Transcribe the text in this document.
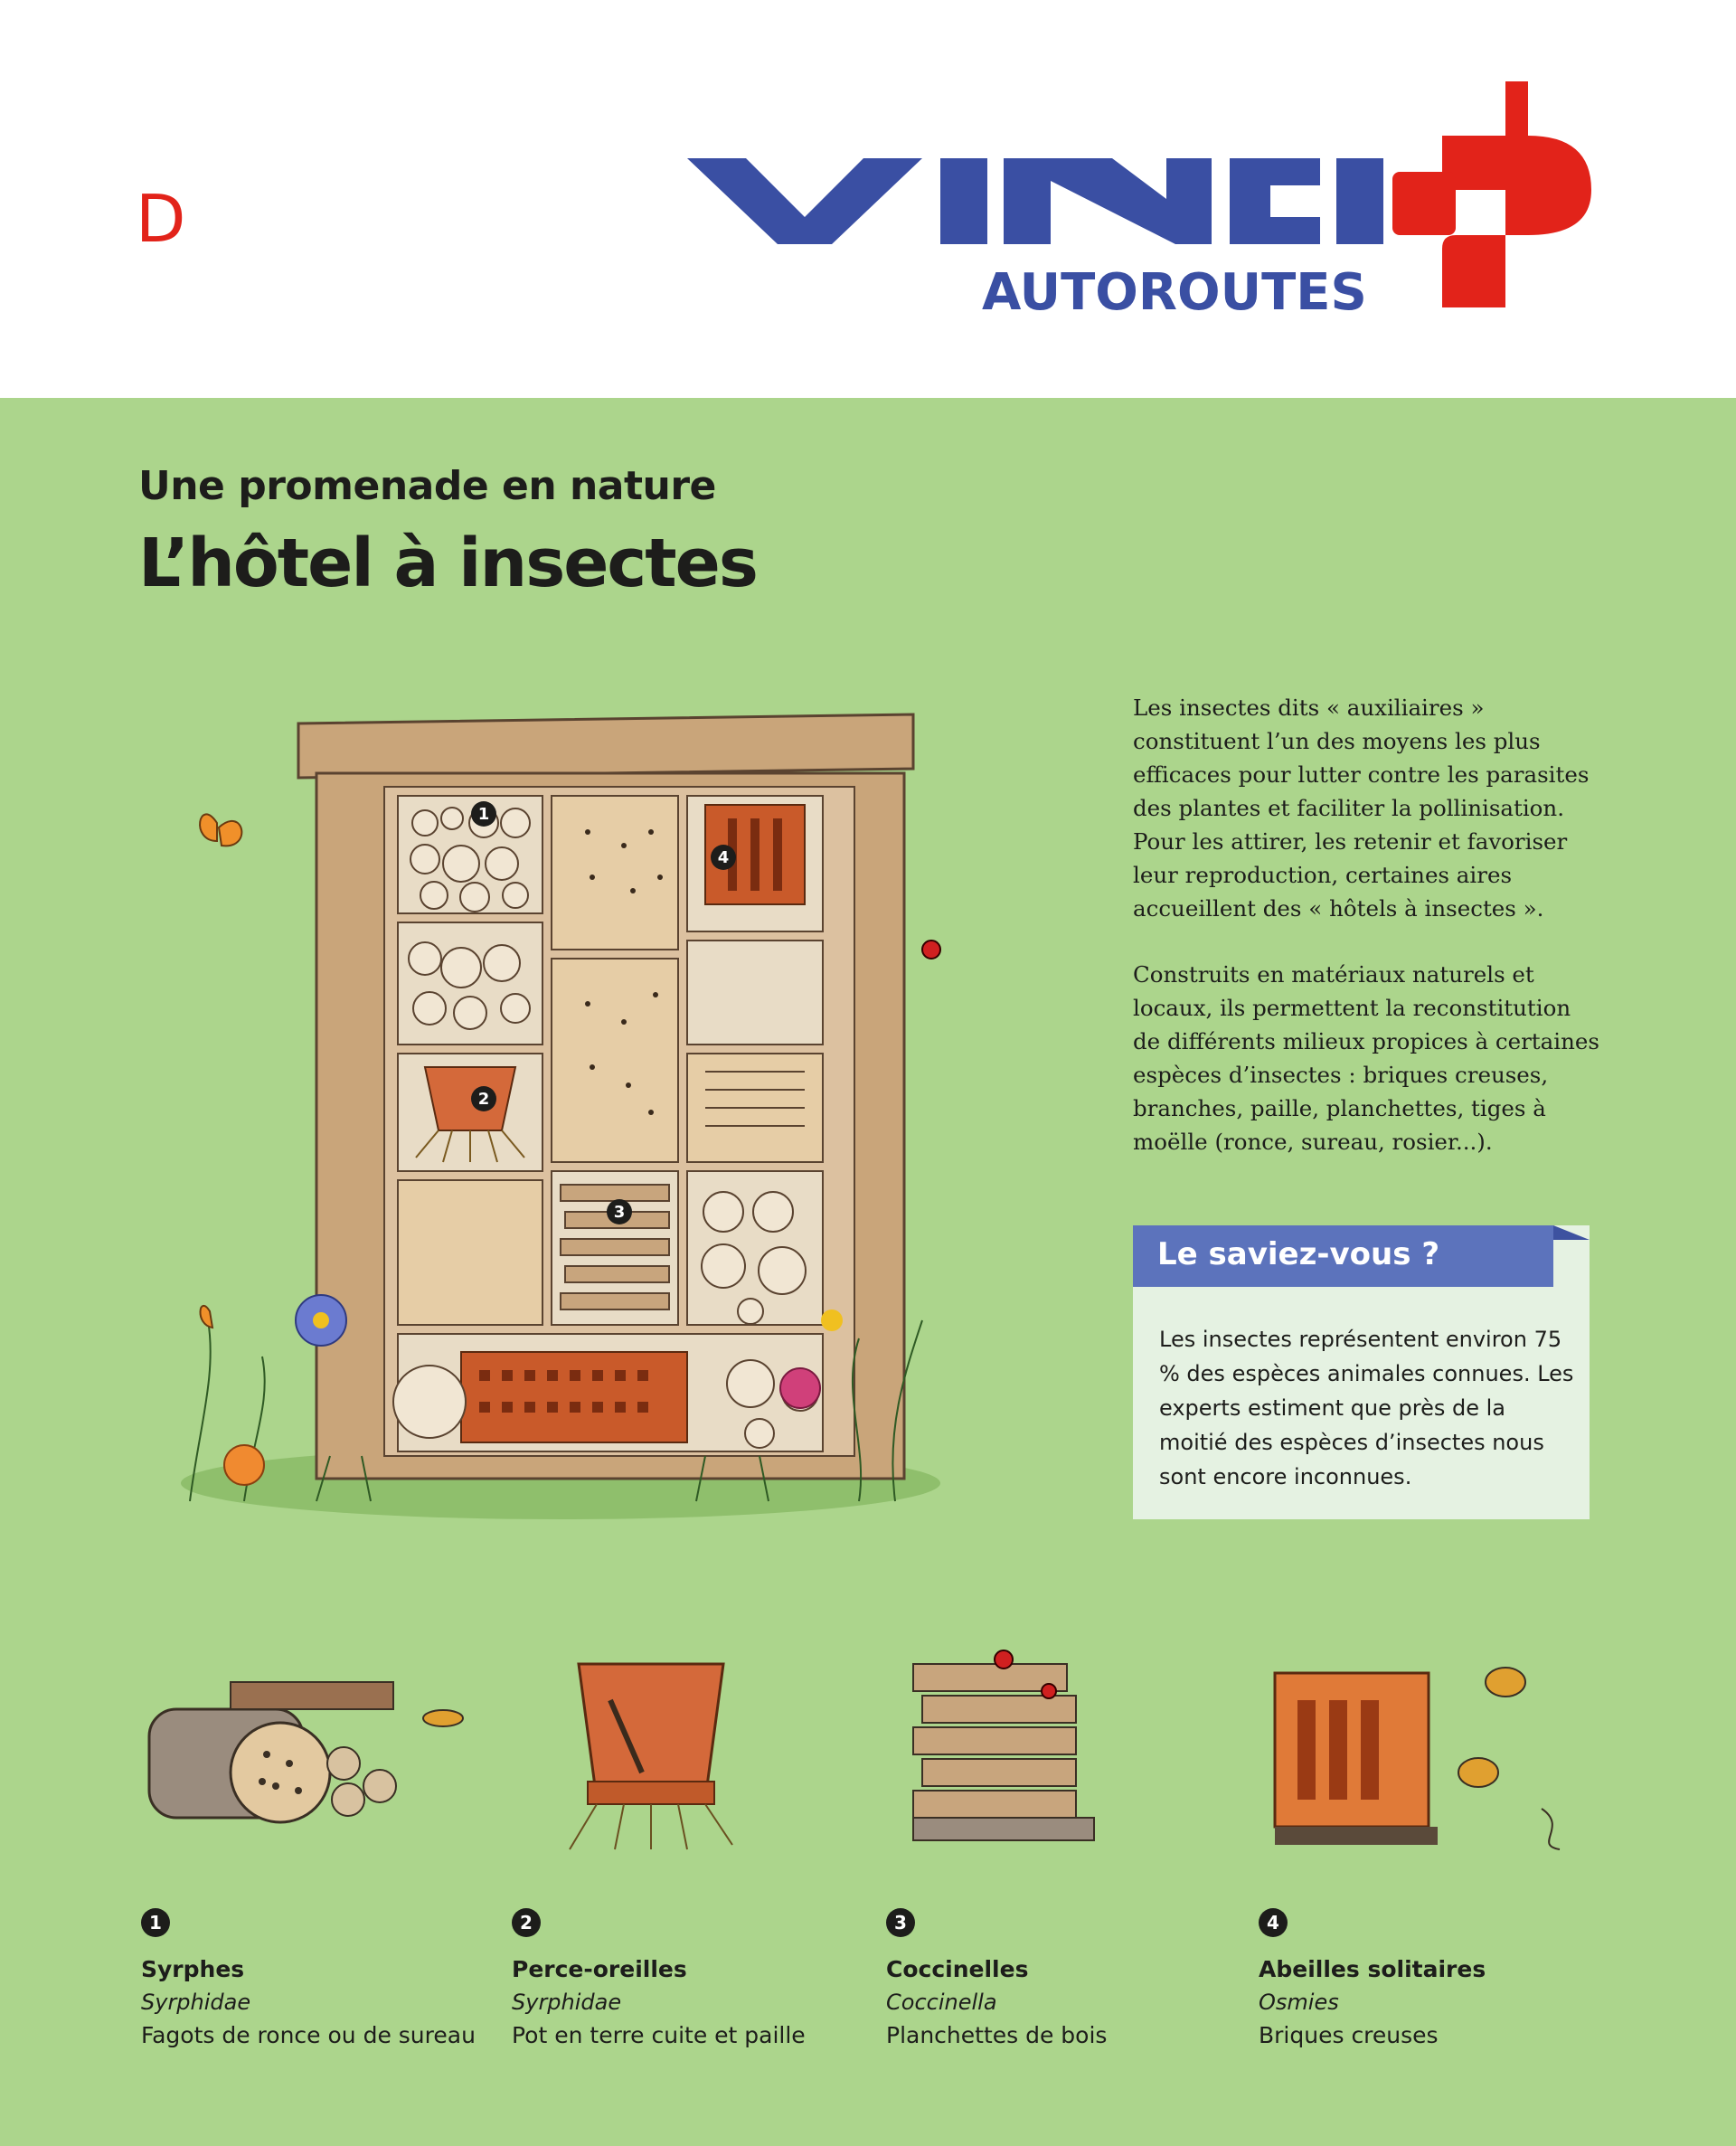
D
AUTOROUTES
Une promenade en nature
L’hôtel à insectes
1
2
3
4

Les insectes dits « auxiliaires » constituent l’un des moyens les plus efficaces pour lutter contre les parasites des plantes et faciliter la pollinisation. Pour les attirer, les retenir et favoriser leur reproduction, certaines aires accueillent des « hôtels à insectes ».

Construits en matériaux naturels et locaux, ils permettent la reconstitution de différents milieux propices à certaines espèces d’insectes : briques creuses, branches, paille, planchettes, tiges à moëlle (ronce, sureau, rosier...).

Le saviez-vous ?
Les insectes représentent environ 75 % des espèces animales connues. Les experts estiment que près de la moitié des espèces d’insectes nous sont encore inconnues.
1
Syrphes
Syrphidae
Fagots de ronce ou de sureau
2
Perce-oreilles
Syrphidae
Pot en terre cuite et paille
3
Coccinelles
Coccinella
Planchettes de bois
4
Abeilles solitaires
Osmies
Briques creuses
